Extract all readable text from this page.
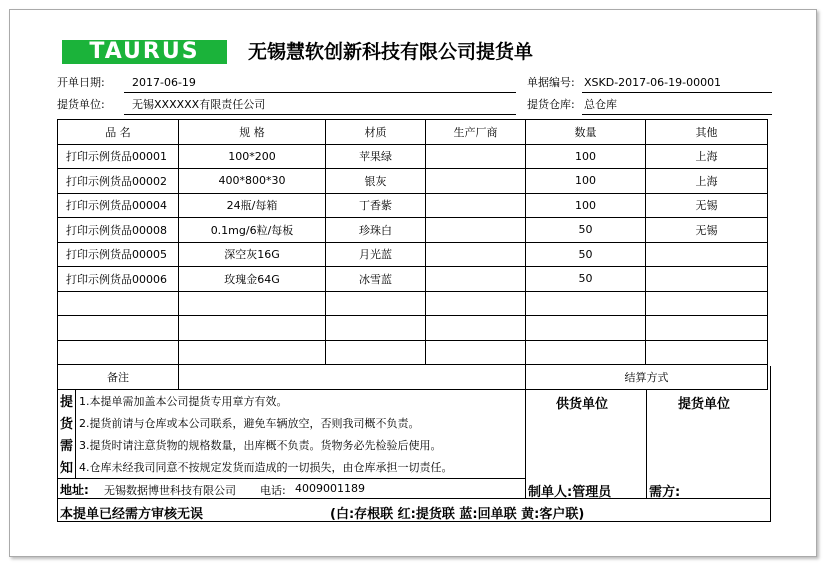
TAURUS	无锡慧软创新科技有限公司提货单
开单日期: 2017-06-19	单据编号: XSKD-2017-06-19-00001
提货单位: 无锡XXXXXX有限责任公司	提货仓库: 总仓库
品 名	规 格	材质	生产厂商	数量	其他
打印示例货品00001	100*200	苹果绿		100	上海
打印示例货品00002	400*800*30	银灰		100	上海
打印示例货品00004	24瓶/每箱	丁香紫		100	无锡
打印示例货品00008	0.1mg/6粒/每板	珍珠白		50	无锡
打印示例货品00005	深空灰16G	月光蓝		50	
打印示例货品00006	玫瑰金64G	冰雪蓝		50	

备注				结算方式	
提
货
需
知
1.本提单需加盖本公司提货专用章方有效。
2.提货前请与仓库或本公司联系，避免车辆放空，否则我司概不负责。
3.提货时请注意货物的规格数量，出库概不负责。货物务必先检验后使用。
4.仓库未经我司同意不按规定发货而造成的一切损失，由仓库承担一切责任。
供货单位	提货单位
制单人:管理员	需方:
地址: 无锡数据博世科技有限公司 电话: 4009001189
本提单已经需方审核无误	(白:存根联 红:提货联 蓝:回单联 黄:客户联)
